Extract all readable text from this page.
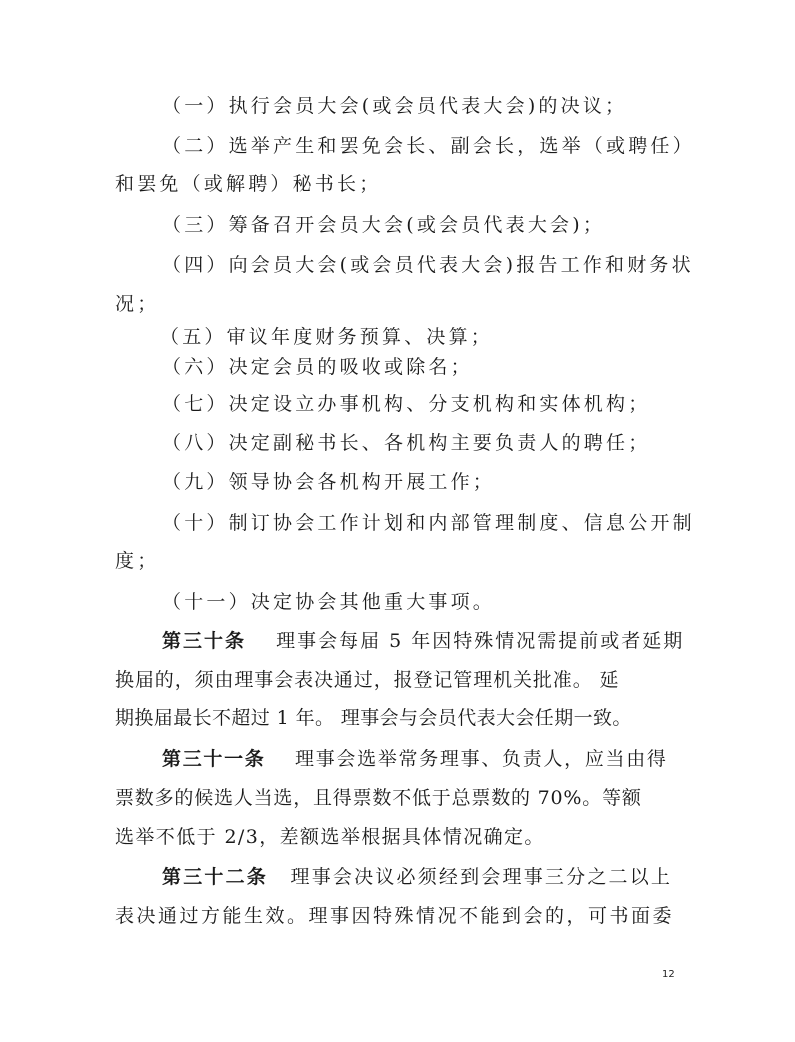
（一）执行会员大会(或会员代表大会)的决议；
（二）选举产生和罢免会长、副会长，选举（或聘任）
和罢免（或解聘）秘书长；
（三）筹备召开会员大会(或会员代表大会)；
（四）向会员大会(或会员代表大会)报告工作和财务状
况；
（五）审议年度财务预算、决算；
（六）决定会员的吸收或除名；
（七）决定设立办事机构、分支机构和实体机构；
（八）决定副秘书长、各机构主要负责人的聘任；
（九）领导协会各机构开展工作；
（十）制订协会工作计划和内部管理制度、信息公开制
度；
（十一）决定协会其他重大事项。
第三十条 理事会每届 5 年因特殊情况需提前或者延期
换届的，须由理事会表决通过，报登记管理机关批准。 延
期换届最长不超过 1 年。 理事会与会员代表大会任期一致。
第三十一条 理事会选举常务理事、负责人，应当由得
票数多的候选人当选，且得票数不低于总票数的 70%。等额
选举不低于 2/3，差额选举根据具体情况确定。
第三十二条 理事会决议必须经到会理事三分之二以上
表决通过方能生效。理事因特殊情况不能到会的，可书面委
12
